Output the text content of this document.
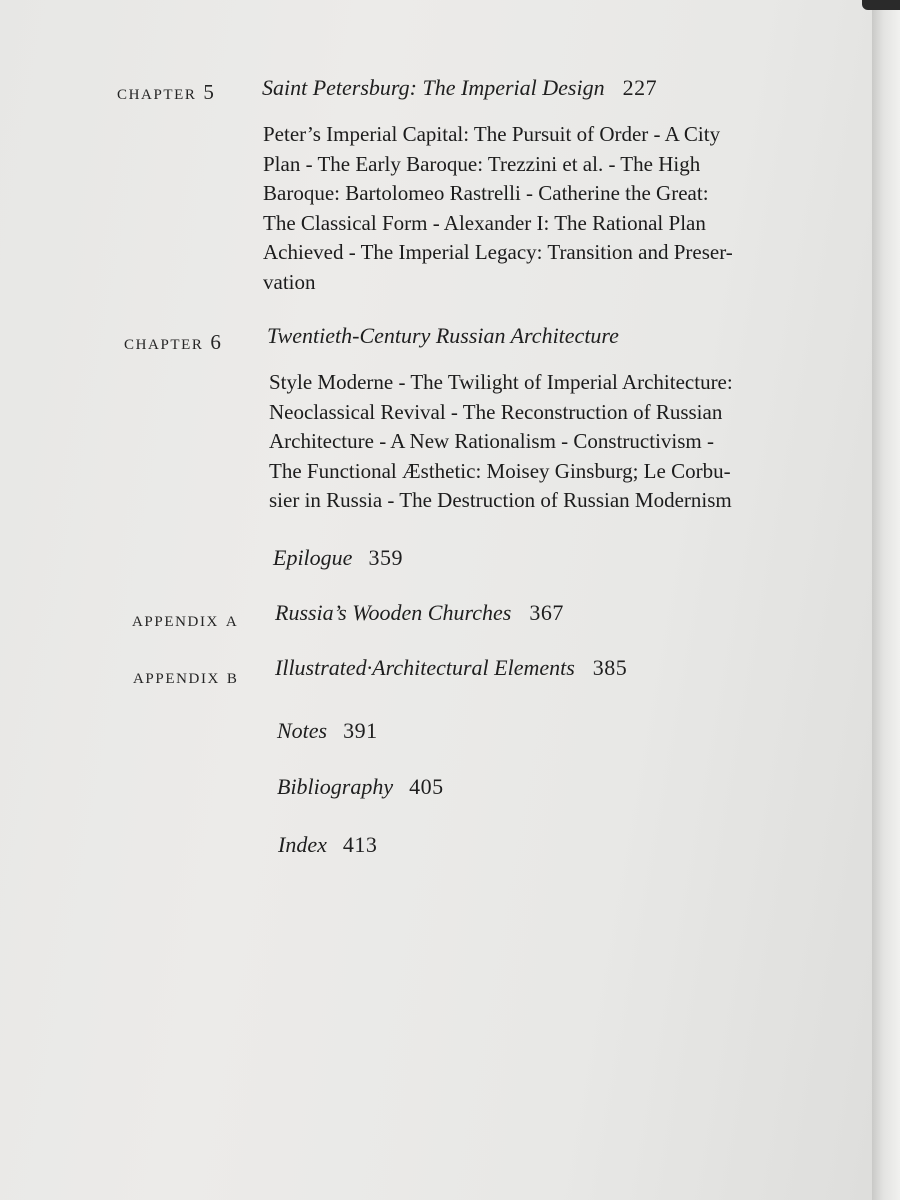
chapter 5 Saint Petersburg: The Imperial Design 227
Peter’s Imperial Capital: The Pursuit of Order - A City
Plan - The Early Baroque: Trezzini et al. - The High
Baroque: Bartolomeo Rastrelli - Catherine the Great:
The Classical Form - Alexander I: The Rational Plan
Achieved - The Imperial Legacy: Transition and Preser-
vation
chapter 6 Twentieth-Century Russian Architecture
Style Moderne - The Twilight of Imperial Architecture:
Neoclassical Revival - The Reconstruction of Russian
Architecture - A New Rationalism - Constructivism -
The Functional Æsthetic: Moisey Ginsburg; Le Corbu-
sier in Russia - The Destruction of Russian Modernism
Epilogue 359
appendix a Russia’s Wooden Churches 367
appendix b Illustrated·Architectural Elements 385
Notes 391
Bibliography 405
Index 413
